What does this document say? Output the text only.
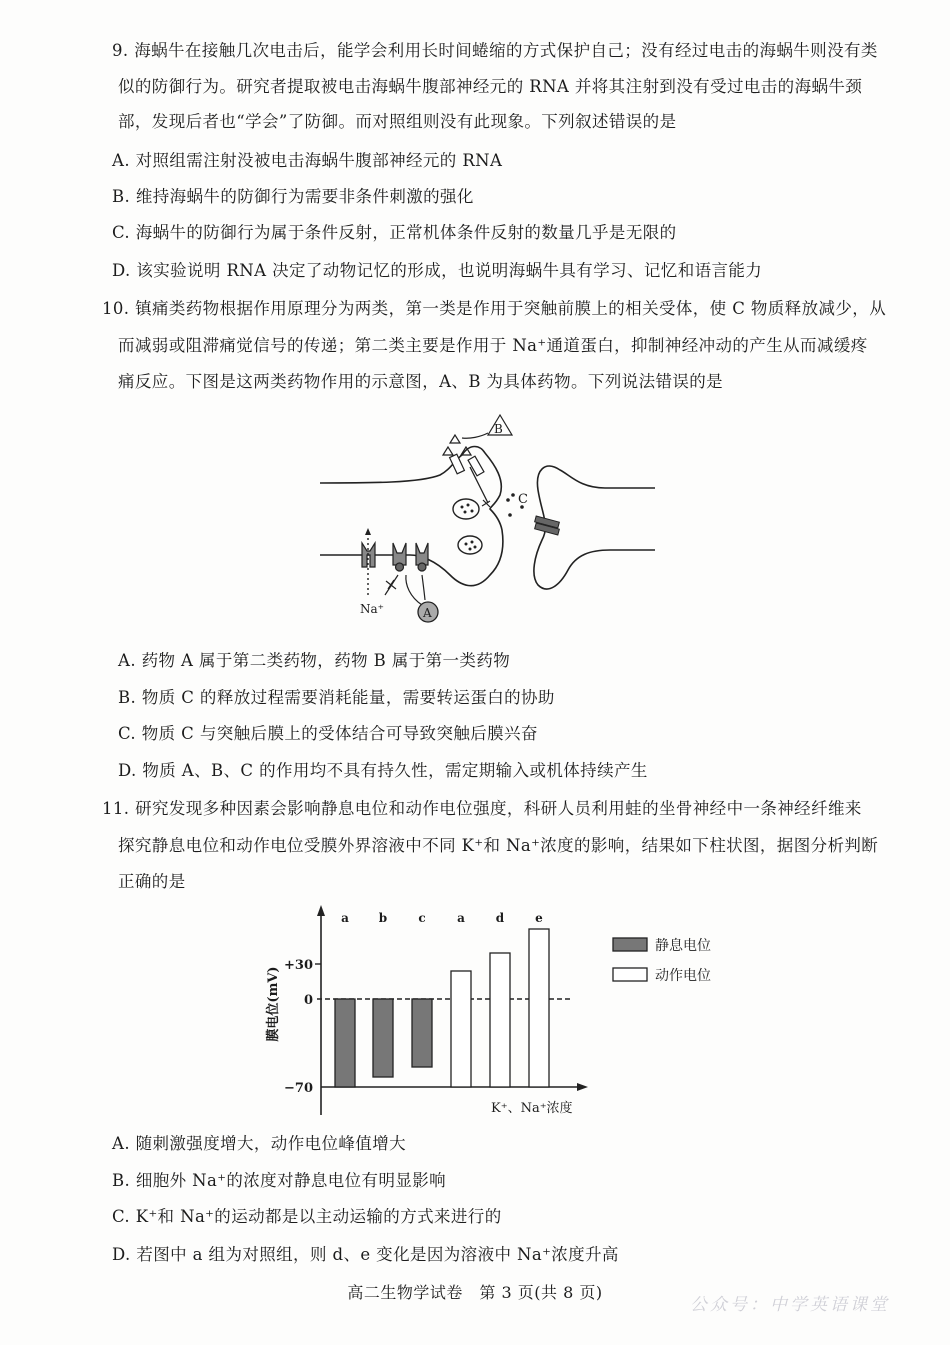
9. 海蜗牛在接触几次电击后，能学会利用长时间蜷缩的方式保护自己；没有经过电击的海蜗牛则没有类
似的防御行为。研究者提取被电击海蜗牛腹部神经元的 RNA 并将其注射到没有受过电击的海蜗牛颈
部，发现后者也“学会”了防御。而对照组则没有此现象。下列叙述错误的是
A. 对照组需注射没被电击海蜗牛腹部神经元的 RNA
B. 维持海蜗牛的防御行为需要非条件刺激的强化
C. 海蜗牛的防御行为属于条件反射，正常机体条件反射的数量几乎是无限的
D. 该实验说明 RNA 决定了动物记忆的形成，也说明海蜗牛具有学习、记忆和语言能力
10. 镇痛类药物根据作用原理分为两类，第一类是作用于突触前膜上的相关受体，使 C 物质释放减少，从
而减弱或阻滞痛觉信号的传递；第二类主要是作用于 Na⁺通道蛋白，抑制神经冲动的产生从而减缓疼
痛反应。下图是这两类药物作用的示意图，A、B 为具体药物。下列说法错误的是
C
B
Na⁺	A
A. 药物 A 属于第二类药物，药物 B 属于第一类药物
B. 物质 C 的释放过程需要消耗能量，需要转运蛋白的协助
C. 物质 C 与突触后膜上的受体结合可导致突触后膜兴奋
D. 物质 A、B、C 的作用均不具有持久性，需定期输入或机体持续产生
11. 研究发现多种因素会影响静息电位和动作电位强度，科研人员利用蛙的坐骨神经中一条神经纤维来
探究静息电位和动作电位受膜外界溶液中不同 K⁺和 Na⁺浓度的影响，结果如下柱状图，据图分析判断
正确的是
+30
0
−70
膜电位(mV)
a b	c	a	d	e
K⁺、Na⁺浓度
静息电位
动作电位
A. 随刺激强度增大，动作电位峰值增大
B. 细胞外 Na⁺的浓度对静息电位有明显影响
C. K⁺和 Na⁺的运动都是以主动运输的方式来进行的
D. 若图中 a 组为对照组，则 d、e 变化是因为溶液中 Na⁺浓度升高
高二生物学试卷　第 3 页(共 8 页)
公众号：中学英语课堂
